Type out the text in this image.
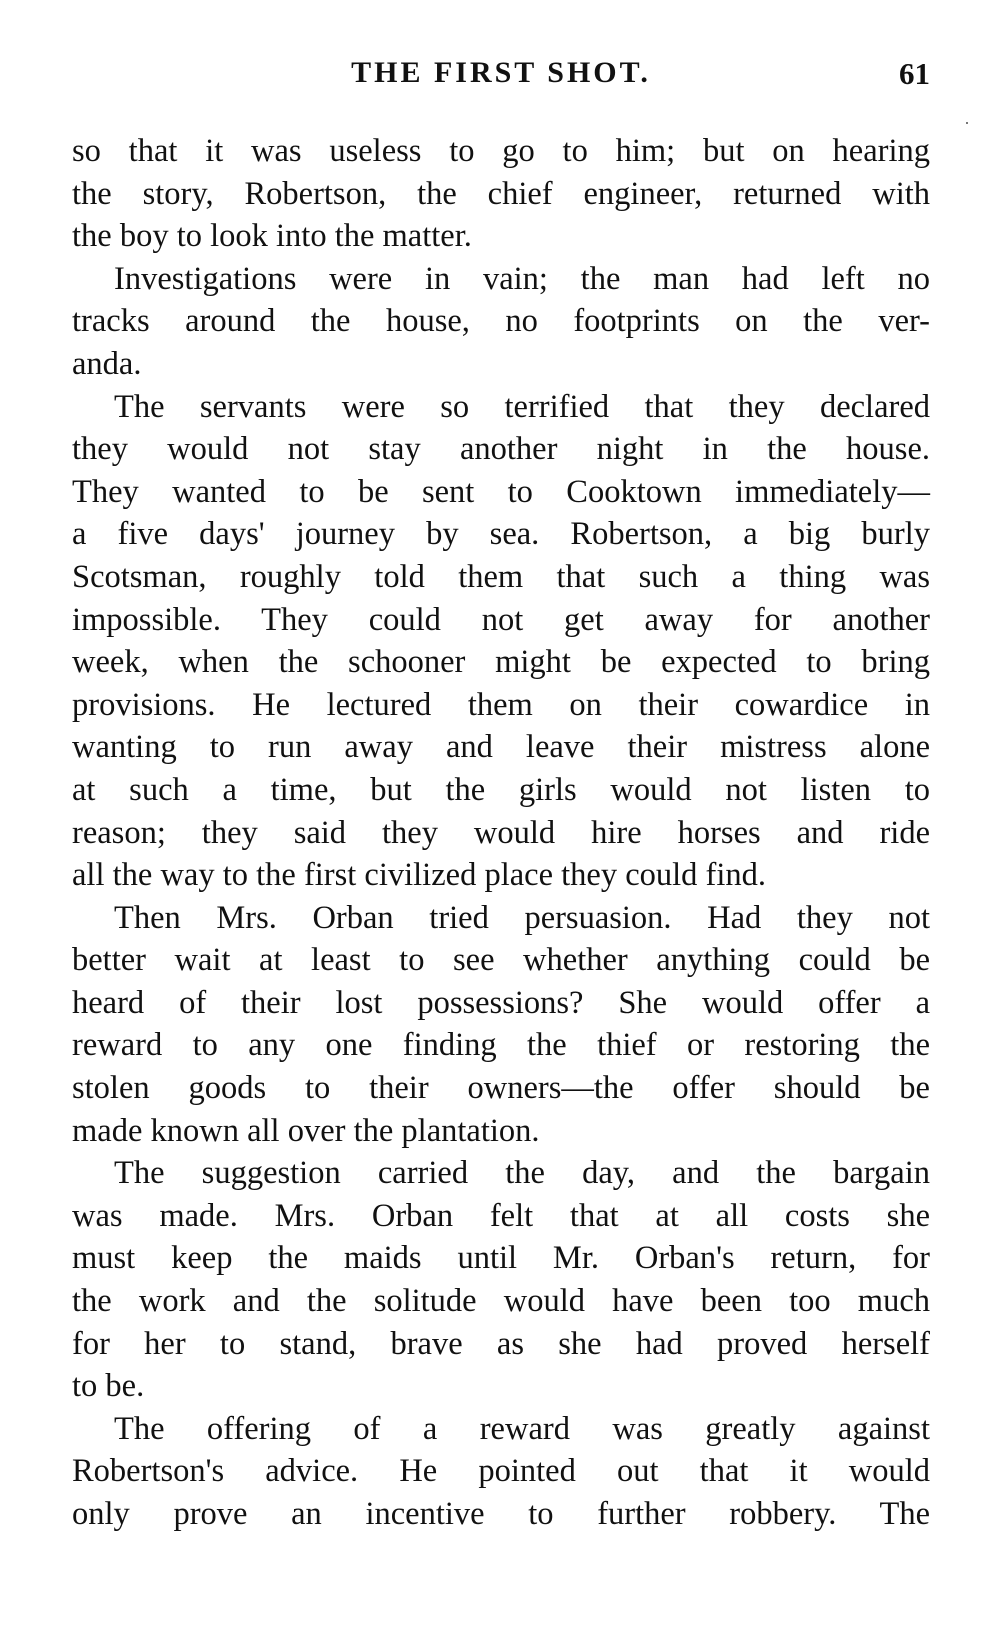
THE FIRST SHOT.	61
so that it was useless to go to him; but on hearing
the story, Robertson, the chief engineer, returned with
the boy to look into the matter.
Investigations were in vain; the man had left no
tracks around the house, no footprints on the ver-
anda.
The servants were so terrified that they declared
they would not stay another night in the house.
They wanted to be sent to Cooktown immediately—
a five days' journey by sea. Robertson, a big burly
Scotsman, roughly told them that such a thing was
impossible. They could not get away for another
week, when the schooner might be expected to bring
provisions. He lectured them on their cowardice in
wanting to run away and leave their mistress alone
at such a time, but the girls would not listen to
reason; they said they would hire horses and ride
all the way to the first civilized place they could find.
Then Mrs. Orban tried persuasion. Had they not
better wait at least to see whether anything could be
heard of their lost possessions? She would offer a
reward to any one finding the thief or restoring the
stolen goods to their owners—the offer should be
made known all over the plantation.
The suggestion carried the day, and the bargain
was made. Mrs. Orban felt that at all costs she
must keep the maids until Mr. Orban's return, for
the work and the solitude would have been too much
for her to stand, brave as she had proved herself
to be.
The offering of a reward was greatly against
Robertson's advice. He pointed out that it would
only prove an incentive to further robbery. The
